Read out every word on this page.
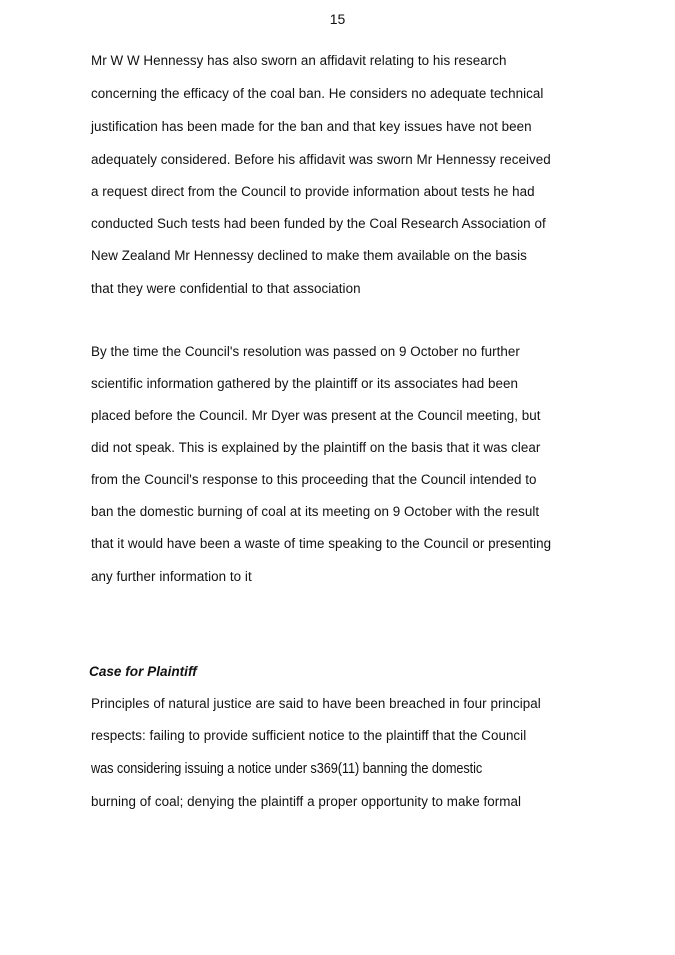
15
Mr W W Hennessy has also sworn an affidavit relating to his research
concerning the efficacy of the coal ban. He considers no adequate technical
justification has been made for the ban and that key issues have not been
adequately considered. Before his affidavit was sworn Mr Hennessy received
a request direct from the Council to provide information about tests he had
conducted Such tests had been funded by the Coal Research Association of
New Zealand Mr Hennessy declined to make them available on the basis
that they were confidential to that association
By the time the Council's resolution was passed on 9 October no further
scientific information gathered by the plaintiff or its associates had been
placed before the Council. Mr Dyer was present at the Council meeting, but
did not speak. This is explained by the plaintiff on the basis that it was clear
from the Council's response to this proceeding that the Council intended to
ban the domestic burning of coal at its meeting on 9 October with the result
that it would have been a waste of time speaking to the Council or presenting
any further information to it
Case for Plaintiff
Principles of natural justice are said to have been breached in four principal
respects: failing to provide sufficient notice to the plaintiff that the Council
was considering issuing a notice under s369(11) banning the domestic
burning of coal; denying the plaintiff a proper opportunity to make formal
